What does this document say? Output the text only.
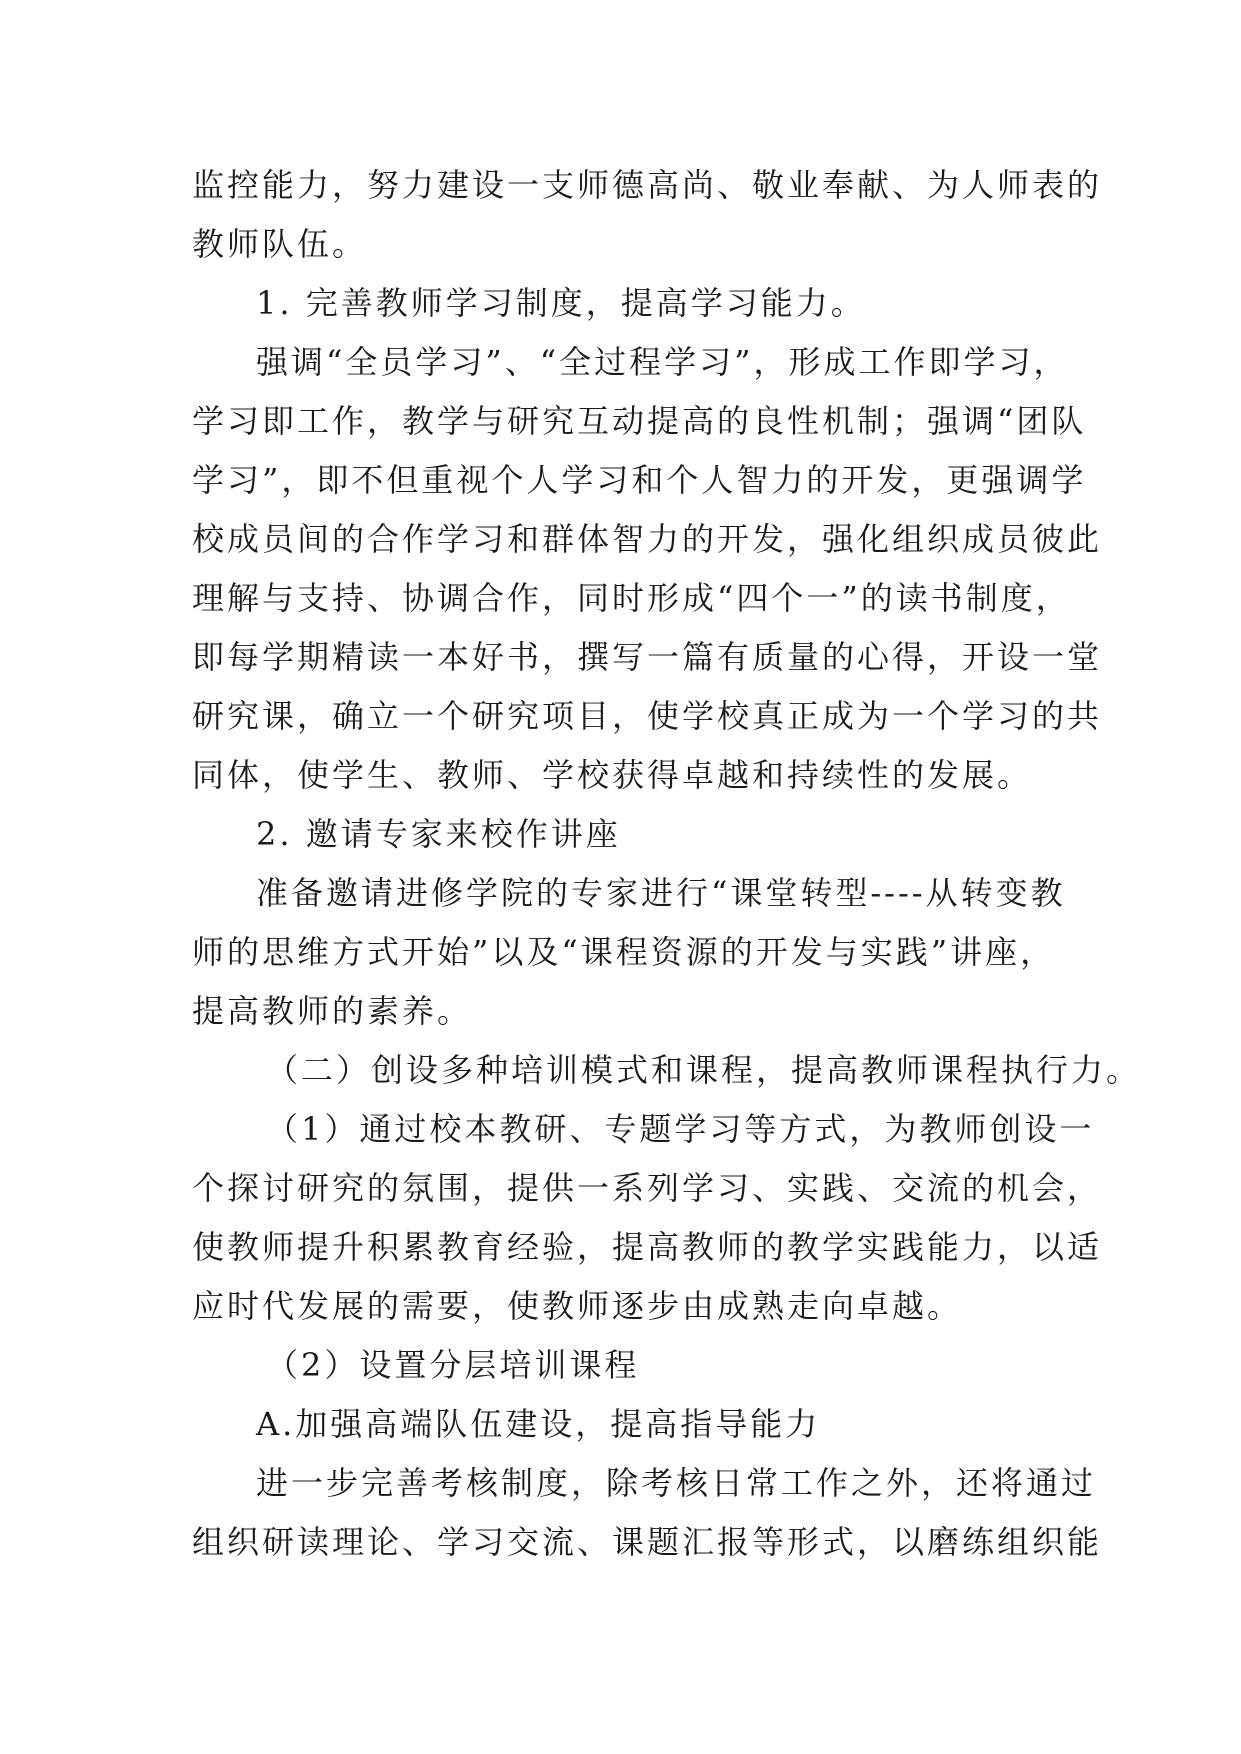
监控能力，努力建设一支师德高尚、敬业奉献、为人师表的
教师队伍。
1. 完善教师学习制度，提高学习能力。
强调“全员学习”、“全过程学习”，形成工作即学习，
学习即工作，教学与研究互动提高的良性机制；强调“团队
学习”，即不但重视个人学习和个人智力的开发，更强调学
校成员间的合作学习和群体智力的开发，强化组织成员彼此
理解与支持、协调合作，同时形成“四个一”的读书制度，
即每学期精读一本好书，撰写一篇有质量的心得，开设一堂
研究课，确立一个研究项目，使学校真正成为一个学习的共
同体，使学生、教师、学校获得卓越和持续性的发展。
2. 邀请专家来校作讲座
准备邀请进修学院的专家进行“课堂转型----从转变教
师的思维方式开始”以及“课程资源的开发与实践”讲座，
提高教师的素养。
（二）创设多种培训模式和课程，提高教师课程执行力。
（1）通过校本教研、专题学习等方式，为教师创设一
个探讨研究的氛围，提供一系列学习、实践、交流的机会，
使教师提升积累教育经验，提高教师的教学实践能力，以适
应时代发展的需要，使教师逐步由成熟走向卓越。
（2）设置分层培训课程
A.加强高端队伍建设，提高指导能力
进一步完善考核制度，除考核日常工作之外，还将通过
组织研读理论、学习交流、课题汇报等形式，以磨练组织能
